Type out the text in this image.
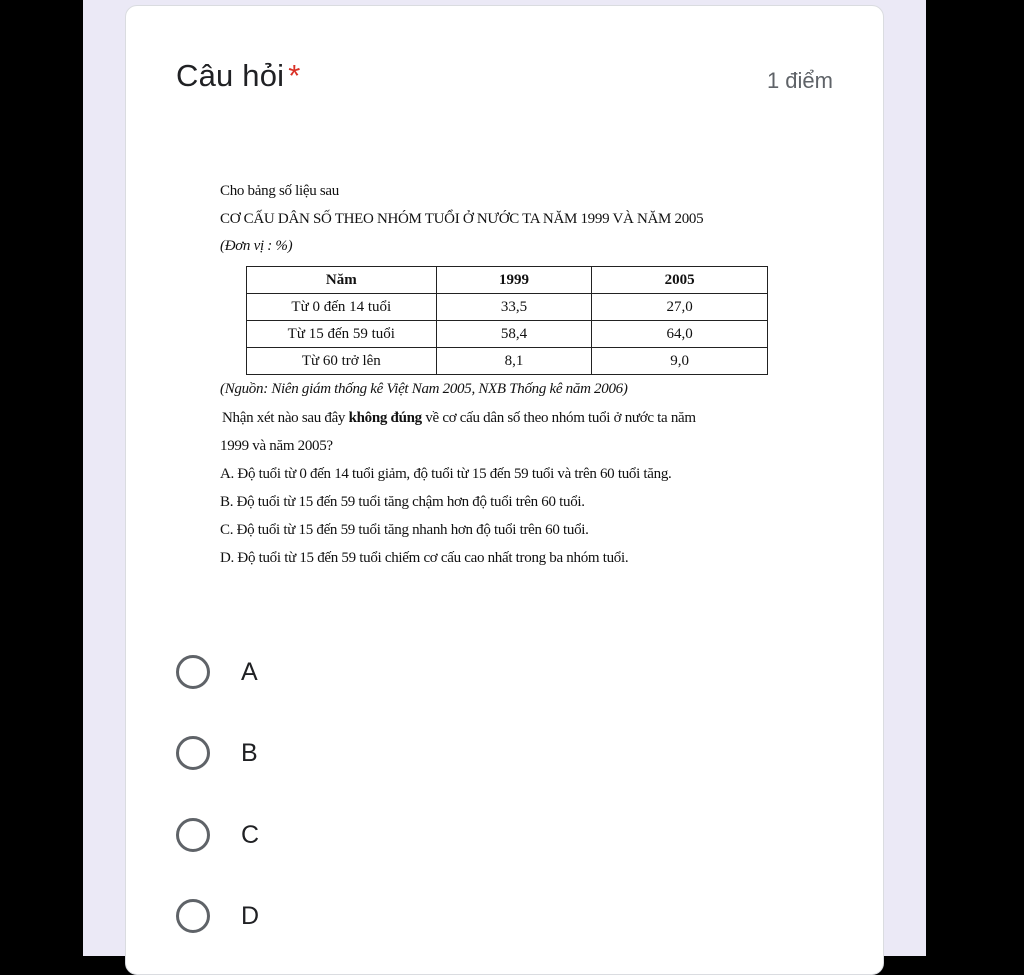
Câu hỏi *	1 điểm
Cho bảng số liệu sau
CƠ CẤU DÂN SỐ THEO NHÓM TUỔI Ở NƯỚC TA NĂM 1999 VÀ NĂM 2005
(Đơn vị : %)
Năm	1999	2005
Từ 0 đến 14 tuổi	33,5	27,0
Từ 15 đến 59 tuổi	58,4	64,0
Từ 60 trở lên	8,1	9,0
(Nguồn: Niên giám thống kê Việt Nam 2005, NXB Thống kê năm 2006)
Nhận xét nào sau đây không đúng về cơ cấu dân số theo nhóm tuổi ở nước ta năm
1999 và năm 2005?
A. Độ tuổi từ 0 đến 14 tuổi giảm, độ tuổi từ 15 đến 59 tuổi và trên 60 tuổi tăng.
B. Độ tuổi từ 15 đến 59 tuổi tăng chậm hơn độ tuổi trên 60 tuổi.
C. Độ tuổi từ 15 đến 59 tuổi tăng nhanh hơn độ tuổi trên 60 tuổi.
D. Độ tuổi từ 15 đến 59 tuổi chiếm cơ cấu cao nhất trong ba nhóm tuổi.
A
B
C
D
